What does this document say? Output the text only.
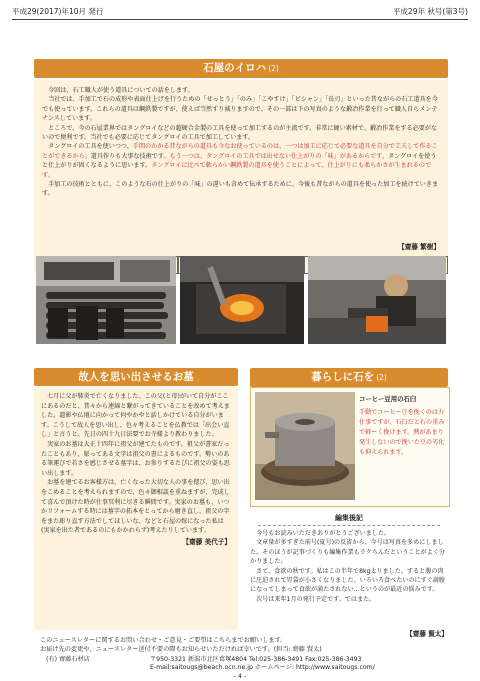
平成29(2017)年10月 発行	平成29年 秋号(第3号)
石屋のイロハ (2)
今回は、石工職人が使う道具についての話をします。
当社では、手加工で石の成形や表面仕上げを行うための「せっとう」「のみ」「こやすけ」「ビシャン」「長刃」といった昔ながらの石工道具を今でも使っています。これらの道具は鋼鉄製ですが、使えば当然すり減りますので、その一部は下の写真のような鍛冶作業を行って職人自らメンテナンスしています。
ところで、今の石屋業界ではタングロイなどの超硬合金製の工具を使って加工するのが主流です。非常に硬い素材で、鍛冶作業をする必要がないので便利です。当社でも必要に応じてタングロイの工具で加工しています。
タングロイの工具を使いつつ、手間のかかる昔ながらの道具も今なお使っているのは、一つは加工に応じて必要な道具を自分で工夫して作ることができるから。道具作りも大事な技術です。もう一つは、タングロイの工具では出せない仕上がりの「味」があるからです。タングロイを使うと仕上がりが固くなるように思います。タングロイに比べて軟らかい鋼鉄製の道具を使うことによって、仕上がりにも柔らかさが生まれるのです。
手加工の技術とともに、このような石の仕上がりの「味」の違いも含めて伝承するために、今後も昔ながらの道具を使った加工を続けていきます。
【齋藤 繁樹】
故人を思い出させるお墓
七月に父が肺炎で亡くなりました。この父(と母)がいて自分がここにあるのだと、昔々から連綿と繋がってきていることを改めて考えました。遺影や仏壇に向かって何やかやと話しかけている自分がいます。こうして故人を思い出し、色々考えることを仏教では「出会い直し」と言うと、先日の四十九日法要でお寺様より教わりました。
実家のお墓は大正十四年に祖父が建てたものです。祖父が書家だったこともあり、彫ってある文字は祖父の書によるものです。勢いのある筆運びで若さを感じさせる墓字は、お参りするたびに祖父の姿も思い出します。
お墓を建てるお客様方は、亡くなった大切な人の事を偲び、思い出をこめることを考えられますので、色々御相談を重ねますが、完成して喜んで頂けた時が仕事冥利に尽きる瞬間です。実家のお墓も、いつかリフォームする時には墓字の拓本をとってから磨き直し、祖父の字をまた彫り直す方法でしてほしいな、などと石屋の嫁になった私は(実家を出た者であるのにもかかわらず)考えたりしています。
【齋藤 美代子】
暮らしに石を (2)
コーヒー豆用の石臼
手動でコーヒー豆を挽くのは力仕事ですが、石臼だと石の重みで軽ーく挽けます。熱があまり発生しないので挽いた豆の劣化も抑えられます。
編集後記
今号もお読みいただきありがとうございました。
文章量が多すぎた前号(夏号)の反省から、今号は写真を多めにしました。そのほうが記事づくりも編集作業もラクちんだということがよく分かりました。
さて、食欲の秋です。私はこの半年で8kg太りました。すると腹の肉に圧迫されて胃袋が小さくなりました。いろいろ食べたいのにすぐ満腹になってしまって食欲が満たされない…というのが最近の悩みです。
次号は来年1月の発行予定です。ではまた。
【齋藤 賢太】
このニュースレターに関するお問い合わせ・ご意見・ご要望はこちらまでお願いします。
お届け先の変更や、ニュースレター送付不要の際もお知らせいただければ幸いです。(担当: 齋藤 賢太)
(有) 齋藤石材店	〒950-3321 新潟市北区葛塚4804 Tel:025-386-3491 Fax:025-386-3493
E-mail:saitougs@beach.ocn.ne.jp ホームページ: http://www.saitougs.com/
- 4 -
